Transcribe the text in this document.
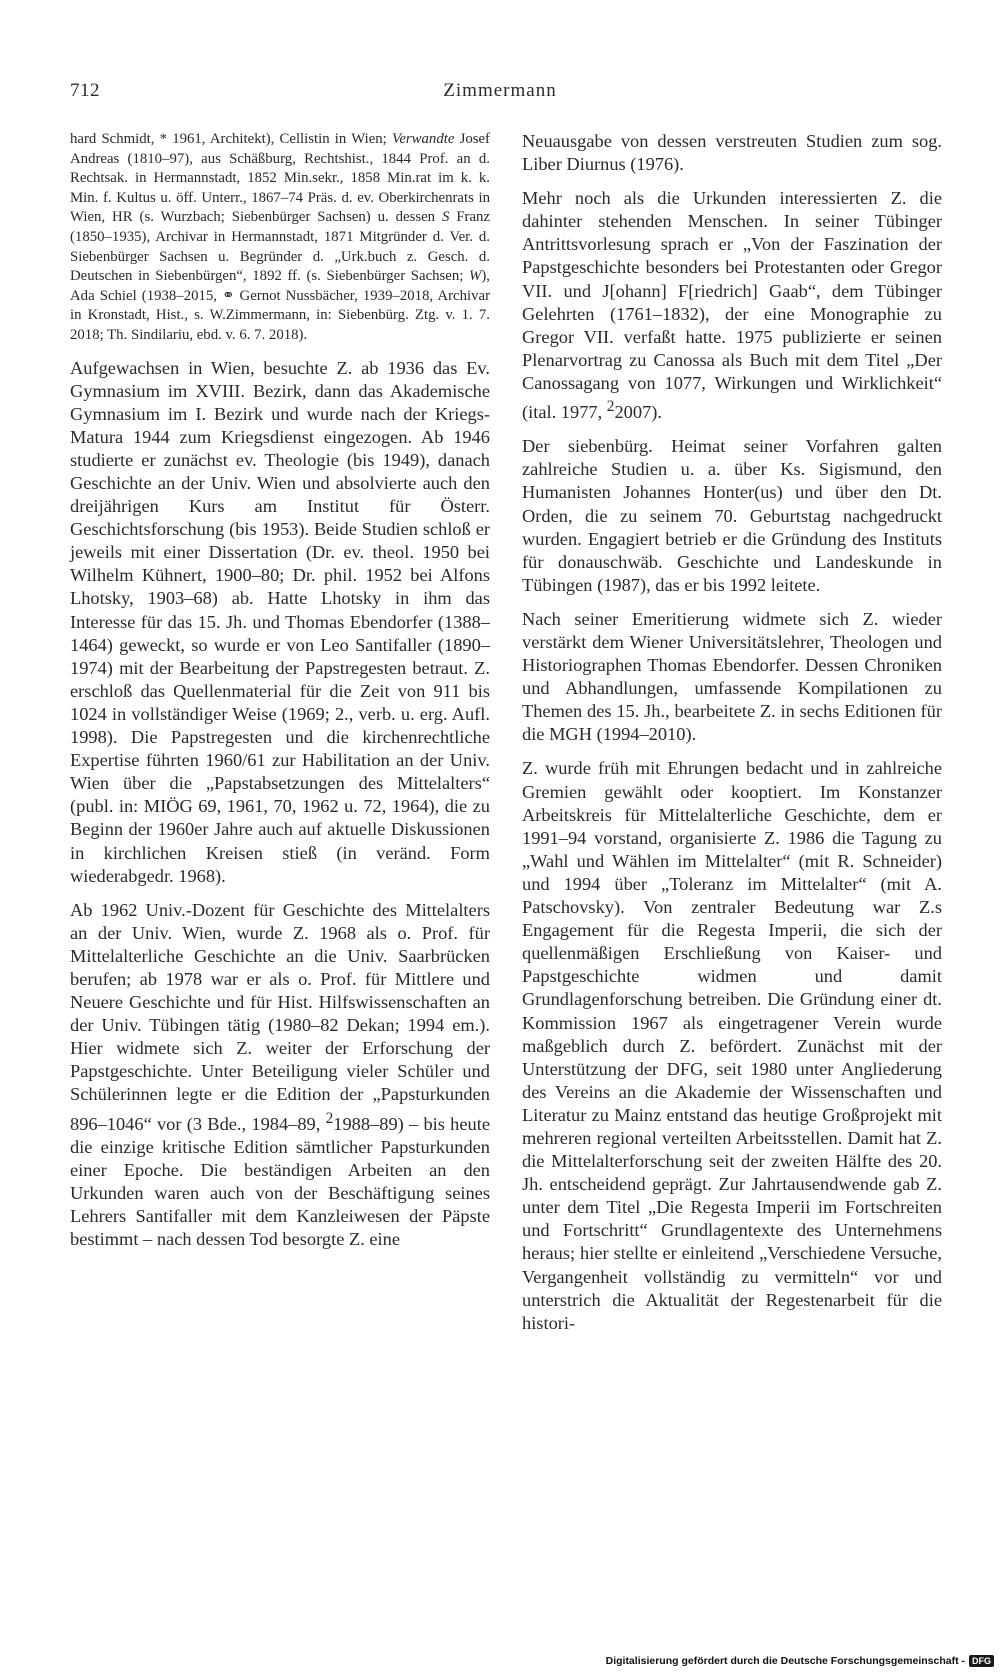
712	Zimmermann

hard Schmidt, * 1961, Architekt), Cellistin in Wien; Verwandte Josef Andreas (1810–97), aus Schäßburg, Rechtshist., 1844 Prof. an d. Rechtsak. in Hermannstadt, 1852 Min.sekr., 1858 Min.rat im k. k. Min. f. Kultus u. öff. Unterr., 1867–74 Präs. d. ev. Oberkirchenrats in Wien, HR (s. Wurzbach; Siebenbürger Sachsen) u. dessen S Franz (1850–1935), Archivar in Hermannstadt, 1871 Mitgründer d. Ver. d. Siebenbürger Sachsen u. Begründer d. „Urk.buch z. Gesch. d. Deutschen in Siebenbürgen“, 1892 ff. (s. Siebenbürger Sachsen; W), Ada Schiel (1938–2015, ⚭ Gernot Nussbächer, 1939–2018, Archivar in Kronstadt, Hist., s. W.Zimmermann, in: Siebenbürg. Ztg. v. 1. 7. 2018; Th. Sindilariu, ebd. v. 6. 7. 2018).

Aufgewachsen in Wien, besuchte Z. ab 1936 das Ev. Gymnasium im XVIII. Bezirk, dann das Akademische Gymnasium im I. Bezirk und wurde nach der Kriegs-Matura 1944 zum Kriegsdienst eingezogen. Ab 1946 studierte er zunächst ev. Theologie (bis 1949), danach Geschichte an der Univ. Wien und absolvierte auch den dreijährigen Kurs am Institut für Österr. Geschichtsforschung (bis 1953). Beide Studien schloß er jeweils mit einer Dissertation (Dr. ev. theol. 1950 bei Wilhelm Kühnert, 1900–80; Dr. phil. 1952 bei Alfons Lhotsky, 1903–68) ab. Hatte Lhotsky in ihm das Interesse für das 15. Jh. und Thomas Ebendorfer (1388–1464) geweckt, so wurde er von Leo Santifaller (1890–1974) mit der Bearbeitung der Papstregesten betraut. Z. erschloß das Quellenmaterial für die Zeit von 911 bis 1024 in vollständiger Weise (1969; 2., verb. u. erg. Aufl. 1998). Die Papstregesten und die kirchenrechtliche Expertise führten 1960/61 zur Habilitation an der Univ. Wien über die „Papstabsetzungen des Mittelalters“ (publ. in: MIÖG 69, 1961, 70, 1962 u. 72, 1964), die zu Beginn der 1960er Jahre auch auf aktuelle Diskussionen in kirchlichen Kreisen stieß (in veränd. Form wiederabgedr. 1968).

Ab 1962 Univ.-Dozent für Geschichte des Mittelalters an der Univ. Wien, wurde Z. 1968 als o. Prof. für Mittelalterliche Geschichte an die Univ. Saarbrücken berufen; ab 1978 war er als o. Prof. für Mittlere und Neuere Geschichte und für Hist. Hilfswissenschaften an der Univ. Tübingen tätig (1980–82 Dekan; 1994 em.). Hier widmete sich Z. weiter der Erforschung der Papstgeschichte. Unter Beteiligung vieler Schüler und Schülerinnen legte er die Edition der „Papsturkunden 896–1046“ vor (3 Bde., 1984–89, $^2$1988–89) – bis heute die einzige kritische Edition sämtlicher Papsturkunden einer Epoche. Die beständigen Arbeiten an den Urkunden waren auch von der Beschäftigung seines Lehrers Santifaller mit dem Kanzleiwesen der Päpste bestimmt – nach dessen Tod besorgte Z. eine

Neuausgabe von dessen verstreuten Studien zum sog. Liber Diurnus (1976).

Mehr noch als die Urkunden interessierten Z. die dahinter stehenden Menschen. In seiner Tübinger Antrittsvorlesung sprach er „Von der Faszination der Papstgeschichte besonders bei Protestanten oder Gregor VII. und J[ohann] F[riedrich] Gaab“, dem Tübinger Gelehrten (1761–1832), der eine Monographie zu Gregor VII. verfaßt hatte. 1975 publizierte er seinen Plenarvortrag zu Canossa als Buch mit dem Titel „Der Canossagang von 1077, Wirkungen und Wirklichkeit“ (ital. 1977, $^2$2007).

Der siebenbürg. Heimat seiner Vorfahren galten zahlreiche Studien u. a. über Ks. Sigismund, den Humanisten Johannes Honter(us) und über den Dt. Orden, die zu seinem 70. Geburtstag nachgedruckt wurden. Engagiert betrieb er die Gründung des Instituts für donauschwäb. Geschichte und Landeskunde in Tübingen (1987), das er bis 1992 leitete.

Nach seiner Emeritierung widmete sich Z. wieder verstärkt dem Wiener Universitätslehrer, Theologen und Historiographen Thomas Ebendorfer. Dessen Chroniken und Abhandlungen, umfassende Kompilationen zu Themen des 15. Jh., bearbeitete Z. in sechs Editionen für die MGH (1994–2010).

Z. wurde früh mit Ehrungen bedacht und in zahlreiche Gremien gewählt oder kooptiert. Im Konstanzer Arbeitskreis für Mittelalterliche Geschichte, dem er 1991–94 vorstand, organisierte Z. 1986 die Tagung zu „Wahl und Wählen im Mittelalter“ (mit R. Schneider) und 1994 über „Toleranz im Mittelalter“ (mit A. Patschovsky). Von zentraler Bedeutung war Z.s Engagement für die Regesta Imperii, die sich der quellenmäßigen Erschließung von Kaiser- und Papstgeschichte widmen und damit Grundlagenforschung betreiben. Die Gründung einer dt. Kommission 1967 als eingetragener Verein wurde maßgeblich durch Z. befördert. Zunächst mit der Unterstützung der DFG, seit 1980 unter Angliederung des Vereins an die Akademie der Wissenschaften und Literatur zu Mainz entstand das heutige Großprojekt mit mehreren regional verteilten Arbeitsstellen. Damit hat Z. die Mittelalterforschung seit der zweiten Hälfte des 20. Jh. entscheidend geprägt. Zur Jahrtausendwende gab Z. unter dem Titel „Die Regesta Imperii im Fortschreiten und Fortschritt“ Grundlagentexte des Unternehmens heraus; hier stellte er einleitend „Verschiedene Versuche, Vergangenheit vollständig zu vermitteln“ vor und unterstrich die Aktualität der Regestenarbeit für die histori-

Digitalisierung gefördert durch die Deutsche Forschungsgemeinschaft - DFG
